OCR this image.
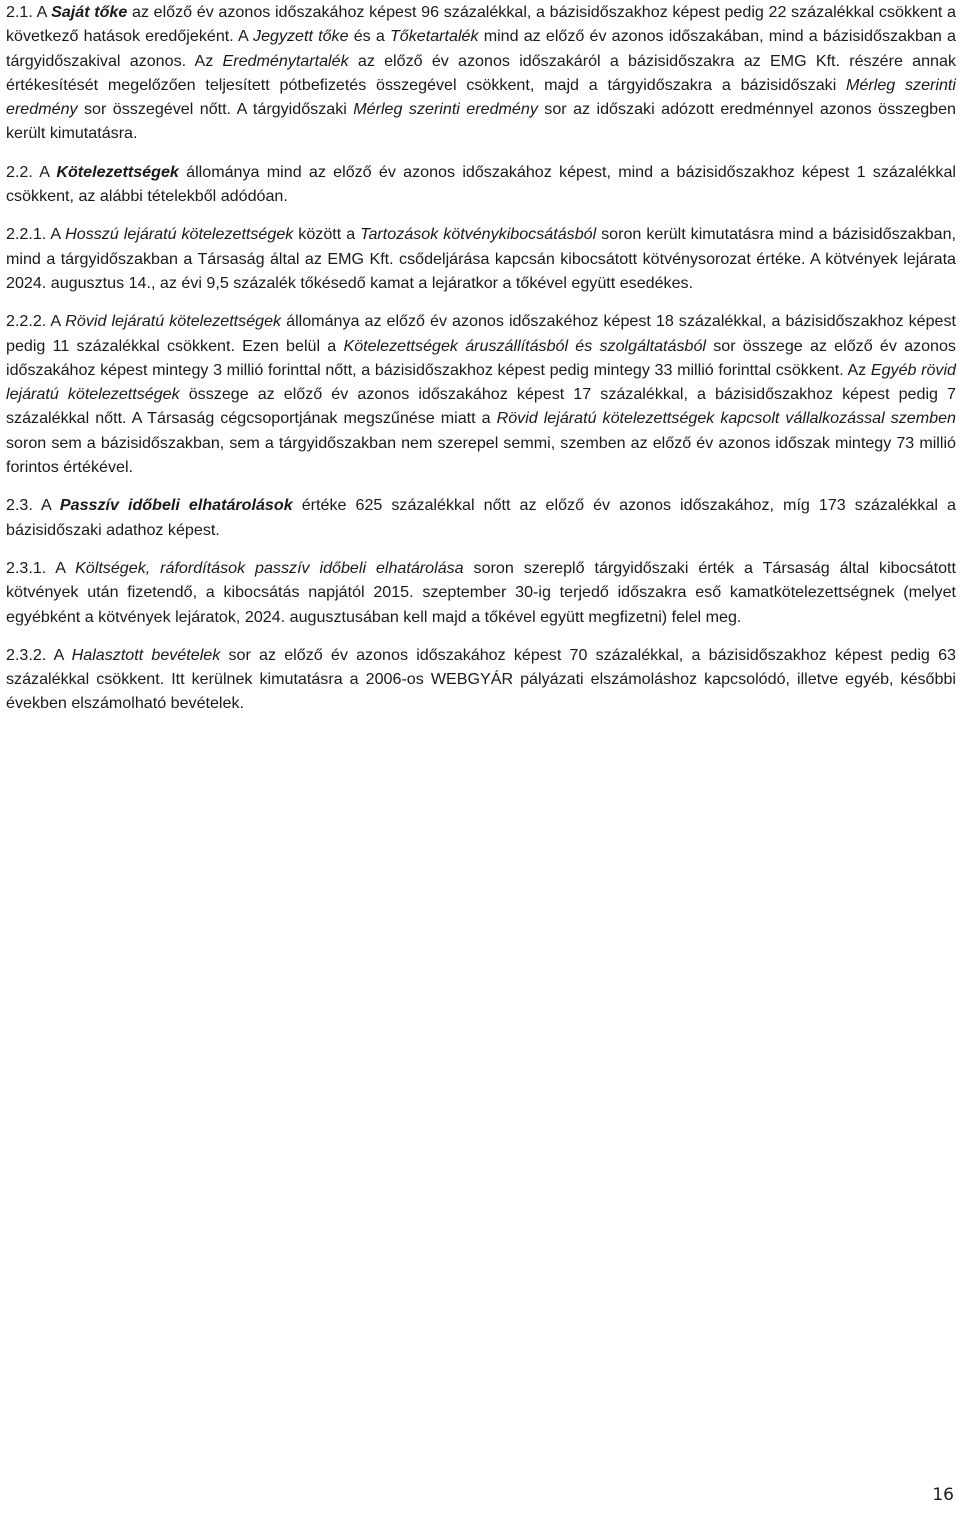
2.1. A Saját tőke az előző év azonos időszakához képest 96 százalékkal, a bázisidőszakhoz képest pedig 22 százalékkal csökkent a következő hatások eredőjeként. A Jegyzett tőke és a Tőketartalék mind az előző év azonos időszakában, mind a bázisidőszakban a tárgyidőszakival azonos. Az Eredménytartalék az előző év azonos időszakáról a bázisidőszakra az EMG Kft. részére annak értékesítését megelőzően teljesített pótbefizetés összegével csökkent, majd a tárgyidőszakra a bázisidőszaki Mérleg szerinti eredmény sor összegével nőtt. A tárgyidőszaki Mérleg szerinti eredmény sor az időszaki adózott eredménnyel azonos összegben került kimutatásra.

2.2. A Kötelezettségek állománya mind az előző év azonos időszakához képest, mind a bázisidőszakhoz képest 1 százalékkal csökkent, az alábbi tételekből adódóan.

2.2.1. A Hosszú lejáratú kötelezettségek között a Tartozások kötvénykibocsátásból soron került kimutatásra mind a bázisidőszakban, mind a tárgyidőszakban a Társaság által az EMG Kft. csődeljárása kapcsán kibocsátott kötvénysorozat értéke. A kötvények lejárata 2024. augusztus 14., az évi 9,5 százalék tőkésedő kamat a lejáratkor a tőkével együtt esedékes.

2.2.2. A Rövid lejáratú kötelezettségek állománya az előző év azonos időszakéhoz képest 18 százalékkal, a bázisidőszakhoz képest pedig 11 százalékkal csökkent. Ezen belül a Kötelezettségek áruszállításból és szolgáltatásból sor összege az előző év azonos időszakához képest mintegy 3 millió forinttal nőtt, a bázisidőszakhoz képest pedig mintegy 33 millió forinttal csökkent. Az Egyéb rövid lejáratú kötelezettségek összege az előző év azonos időszakához képest 17 százalékkal, a bázisidőszakhoz képest pedig 7 százalékkal nőtt. A Társaság cégcsoportjának megszűnése miatt a Rövid lejáratú kötelezettségek kapcsolt vállalkozással szemben soron sem a bázisidőszakban, sem a tárgyidőszakban nem szerepel semmi, szemben az előző év azonos időszak mintegy 73 millió forintos értékével.

2.3. A Passzív időbeli elhatárolások értéke 625 százalékkal nőtt az előző év azonos időszakához, míg 173 százalékkal a bázisidőszaki adathoz képest.

2.3.1. A Költségek, ráfordítások passzív időbeli elhatárolása soron szereplő tárgyidőszaki érték a Társaság által kibocsátott kötvények után fizetendő, a kibocsátás napjától 2015. szeptember 30-ig terjedő időszakra eső kamatkötelezettségnek (melyet egyébként a kötvények lejáratok, 2024. augusztusában kell majd a tőkével együtt megfizetni) felel meg.

2.3.2. A Halasztott bevételek sor az előző év azonos időszakához képest 70 százalékkal, a bázisidőszakhoz képest pedig 63 százalékkal csökkent. Itt kerülnek kimutatásra a 2006-os WEBGYÁR pályázati elszámoláshoz kapcsolódó, illetve egyéb, későbbi években elszámolható bevételek.

16
